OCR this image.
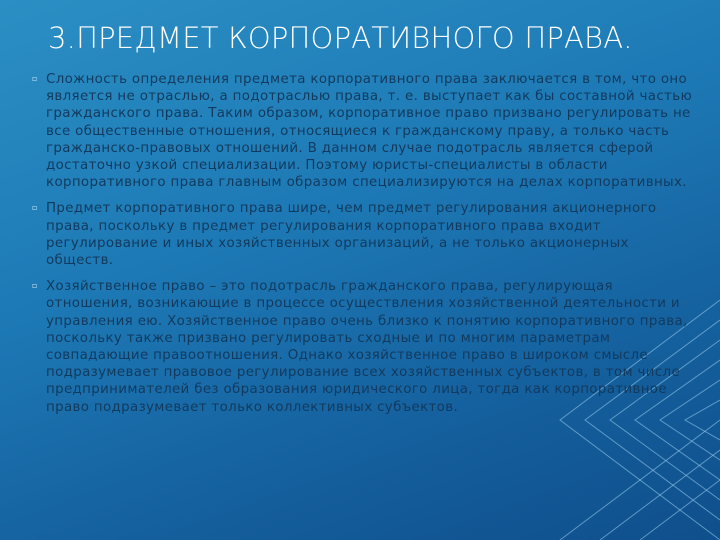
3.ПРЕДМЕТ КОРПОРАТИВНОГО ПРАВА.
▫ Сложность определения предмета корпоративного права заключается в том, что оно является не отраслью, а подотраслью права, т. е. выступает как бы составной частью гражданского права. Таким образом, корпоративное право призвано регулировать не все общественные отношения, относящиеся к гражданскому праву, а только часть гражданско-правовых отношений. В данном случае подотрасль является сферой достаточно узкой специализации. Поэтому юристы-специалисты в области корпоративного права главным образом специализируются на делах корпоративных.
▫ Предмет корпоративного права шире, чем предмет регулирования акционерного права, поскольку в предмет регулирования корпоративного права входит регулирование и иных хозяйственных организаций, а не только акционерных обществ.
▫ Хозяйственное право – это подотрасль гражданского права, регулирующая отношения, возникающие в процессе осуществления хозяйственной деятельности и управления ею. Хозяйственное право очень близко к понятию корпоративного права, поскольку также призвано регулировать сходные и по многим параметрам совпадающие правоотношения. Однако хозяйственное право в широком смысле подразумевает правовое регулирование всех хозяйственных субъектов, в том числе предпринимателей без образования юридического лица, тогда как корпоративное право подразумевает только коллективных субъектов.
